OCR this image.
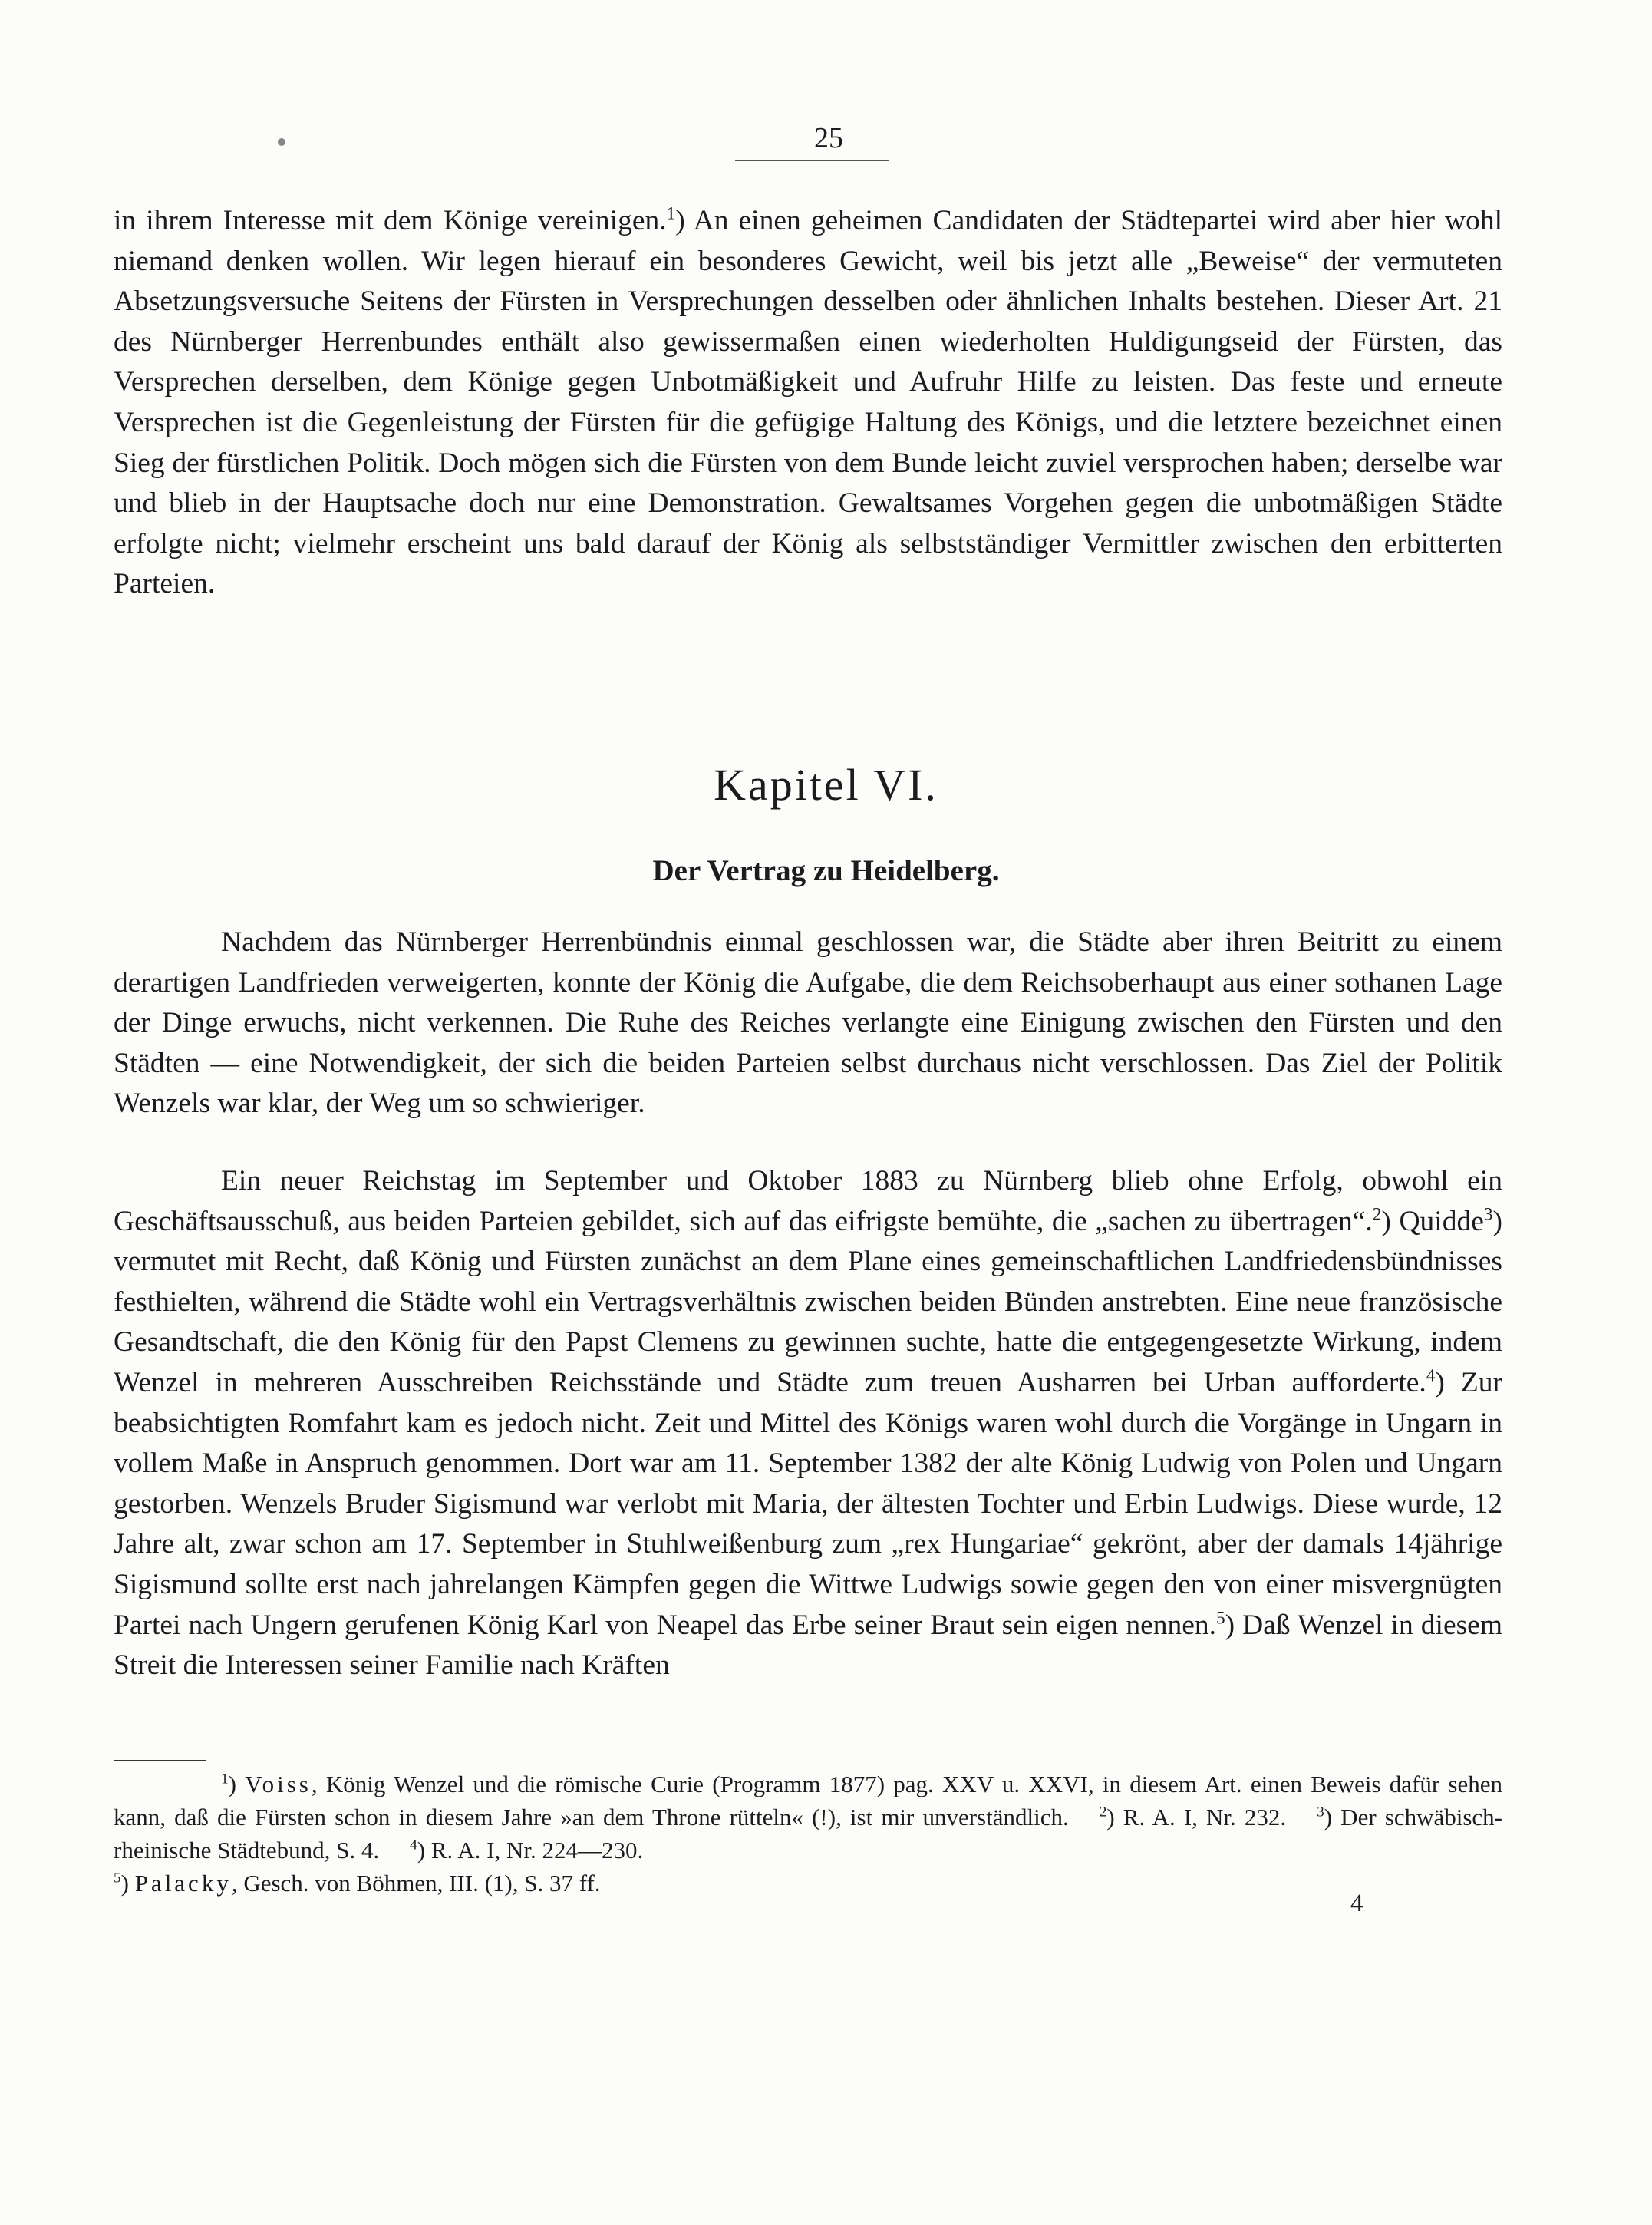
25

in ihrem Interesse mit dem Könige vereinigen.$^1$) An einen geheimen Candidaten der Städtepartei wird aber hier wohl niemand denken wollen. Wir legen hierauf ein besonderes Gewicht, weil bis jetzt alle „Beweise“ der vermuteten Absetzungsversuche Seitens der Fürsten in Versprechungen desselben oder ähnlichen Inhalts bestehen. Dieser Art. 21 des Nürnberger Herrenbundes enthält also gewissermaßen einen wiederholten Huldigungseid der Fürsten, das Versprechen derselben, dem Könige gegen Unbotmäßigkeit und Aufruhr Hilfe zu leisten. Das feste und erneute Versprechen ist die Gegenleistung der Fürsten für die gefügige Haltung des Königs, und die letztere bezeichnet einen Sieg der fürstlichen Politik. Doch mögen sich die Fürsten von dem Bunde leicht zuviel versprochen haben; derselbe war und blieb in der Hauptsache doch nur eine Demonstration. Gewaltsames Vorgehen gegen die unbotmäßigen Städte erfolgte nicht; vielmehr erscheint uns bald darauf der König als selbstständiger Vermittler zwischen den erbitterten Parteien.

Kapitel VI.
Der Vertrag zu Heidelberg.

Nachdem das Nürnberger Herrenbündnis einmal geschlossen war, die Städte aber ihren Beitritt zu einem derartigen Landfrieden verweigerten, konnte der König die Aufgabe, die dem Reichsoberhaupt aus einer sothanen Lage der Dinge erwuchs, nicht verkennen. Die Ruhe des Reiches verlangte eine Einigung zwischen den Fürsten und den Städten — eine Notwendigkeit, der sich die beiden Parteien selbst durchaus nicht verschlossen. Das Ziel der Politik Wenzels war klar, der Weg um so schwieriger.

Ein neuer Reichstag im September und Oktober 1883 zu Nürnberg blieb ohne Erfolg, obwohl ein Geschäftsausschuß, aus beiden Parteien gebildet, sich auf das eifrigste bemühte, die „sachen zu übertragen“.$^2$) Quidde$^3$) vermutet mit Recht, daß König und Fürsten zunächst an dem Plane eines gemeinschaftlichen Landfriedensbündnisses festhielten, während die Städte wohl ein Vertragsverhältnis zwischen beiden Bünden anstrebten. Eine neue französische Gesandtschaft, die den König für den Papst Clemens zu gewinnen suchte, hatte die entgegengesetzte Wirkung, indem Wenzel in mehreren Ausschreiben Reichsstände und Städte zum treuen Ausharren bei Urban aufforderte.$^4$) Zur beabsichtigten Romfahrt kam es jedoch nicht. Zeit und Mittel des Königs waren wohl durch die Vorgänge in Ungarn in vollem Maße in Anspruch genommen. Dort war am 11. September 1382 der alte König Ludwig von Polen und Ungarn gestorben. Wenzels Bruder Sigismund war verlobt mit Maria, der ältesten Tochter und Erbin Ludwigs. Diese wurde, 12 Jahre alt, zwar schon am 17. September in Stuhlweißenburg zum „rex Hungariae“ gekrönt, aber der damals 14jährige Sigismund sollte erst nach jahrelangen Kämpfen gegen die Wittwe Ludwigs sowie gegen den von einer misvergnügten Partei nach Ungern gerufenen König Karl von Neapel das Erbe seiner Braut sein eigen nennen.$^5$) Daß Wenzel in diesem Streit die Interessen seiner Familie nach Kräften

$^1$) Voiss, König Wenzel und die römische Curie (Programm 1877) pag. XXV u. XXVI, in diesem Art. einen Beweis dafür sehen kann, daß die Fürsten schon in diesem Jahre »an dem Throne rütteln« (!), ist mir unverständlich. $^2$) R. A. I, Nr. 232. $^3$) Der schwäbisch-rheinische Städtebund, S. 4. $^4$) R. A. I, Nr. 224—230.

$^5$) Palacky, Gesch. von Böhmen, III. (1), S. 37 ff.

4
